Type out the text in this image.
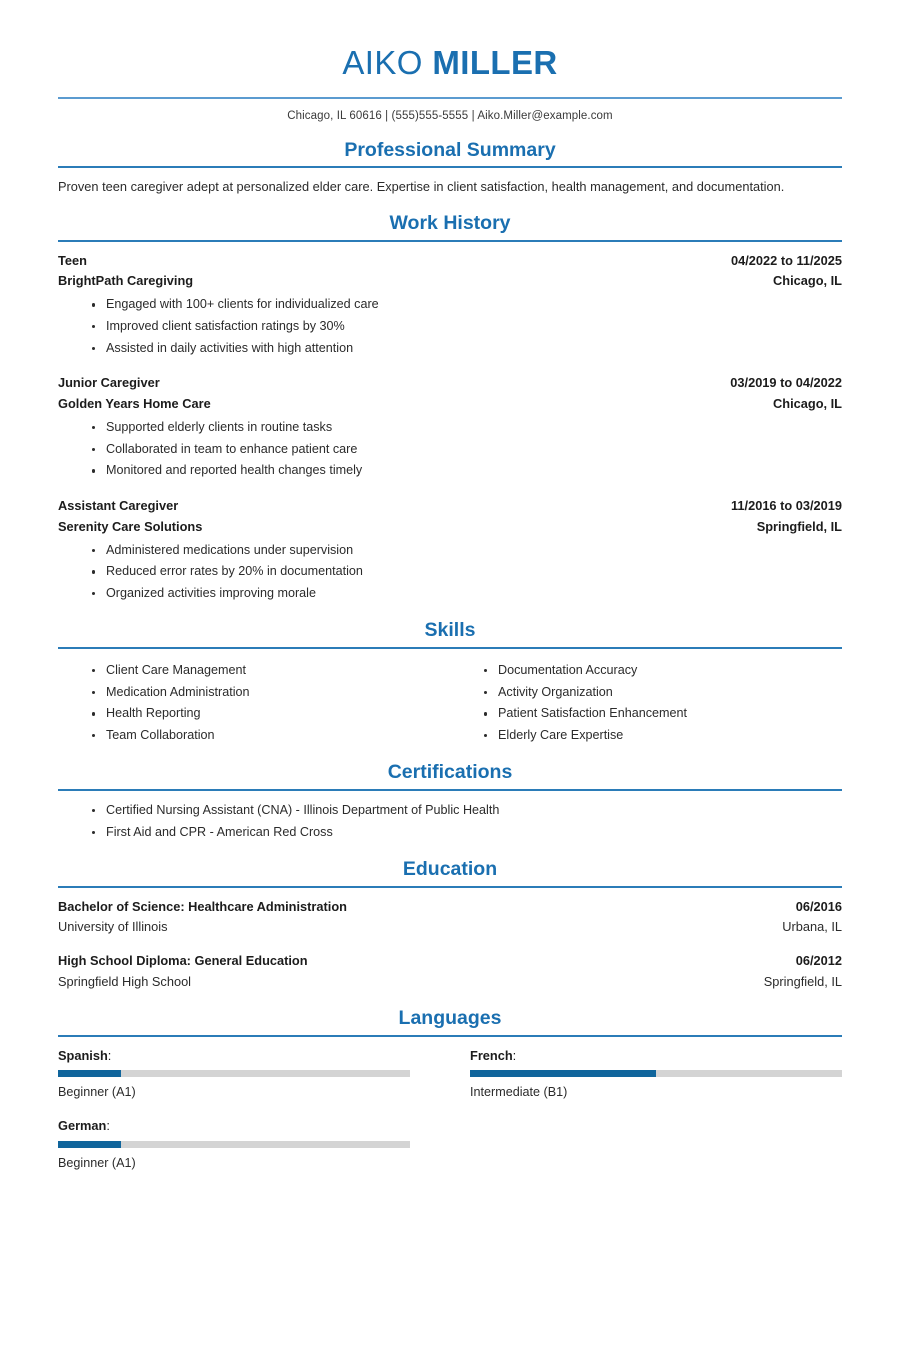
AIKO MILLER
Chicago, IL 60616 | (555)555-5555 | Aiko.Miller@example.com
Professional Summary

Proven teen caregiver adept at personalized elder care. Expertise in client satisfaction, health management, and documentation.

Work History
Teen	04/2022 to 11/2025
BrightPath Caregiving	Chicago, IL
Engaged with 100+ clients for individualized care
Improved client satisfaction ratings by 30%
Assisted in daily activities with high attention
Junior Caregiver	03/2019 to 04/2022
Golden Years Home Care	Chicago, IL
Supported elderly clients in routine tasks
Collaborated in team to enhance patient care
Monitored and reported health changes timely
Assistant Caregiver	11/2016 to 03/2019
Serenity Care Solutions	Springfield, IL
Administered medications under supervision
Reduced error rates by 20% in documentation
Organized activities improving morale
Skills
Client Care Management
Medication Administration
Health Reporting
Team Collaboration
Documentation Accuracy
Activity Organization
Patient Satisfaction Enhancement
Elderly Care Expertise
Certifications
Certified Nursing Assistant (CNA) - Illinois Department of Public Health
First Aid and CPR - American Red Cross
Education
Bachelor of Science: Healthcare Administration	06/2016
University of Illinois	Urbana, IL
High School Diploma: General Education	06/2012
Springfield High School	Springfield, IL
Languages
Spanish:
Beginner (A1)
French:
Intermediate (B1)
German:
Beginner (A1)
